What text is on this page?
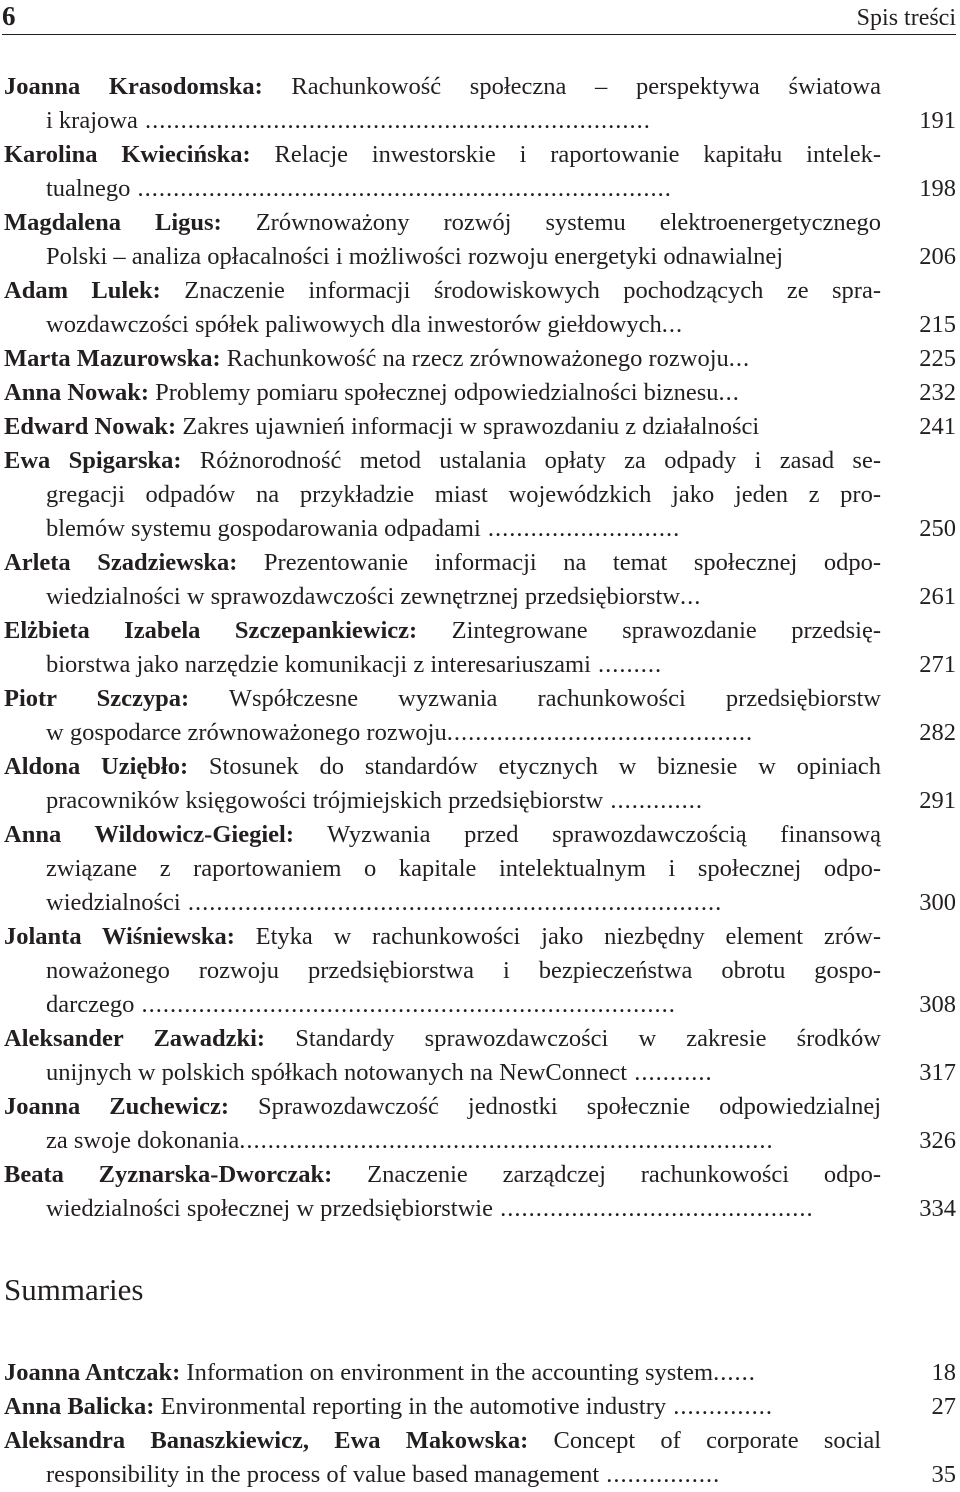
6	Spis treści
Joanna Krasodomska: Rachunkowość społeczna – perspektywa światowa
i krajowa .......................................................................	191
Karolina Kwiecińska: Relacje inwestorskie i raportowanie kapitału intelek-
tualnego ...........................................................................	198
Magdalena Ligus: Zrównoważony rozwój systemu elektroenergetycznego
Polski – analiza opłacalności i możliwości rozwoju energetyki odnawialnej	206
Adam Lulek: Znaczenie informacji środowiskowych pochodzących ze spra-
wozdawczości spółek paliwowych dla inwestorów giełdowych...	215
Marta Mazurowska: Rachunkowość na rzecz zrównoważonego rozwoju...	225
Anna Nowak: Problemy pomiaru społecznej odpowiedzialności biznesu...	232
Edward Nowak: Zakres ujawnień informacji w sprawozdaniu z działalności	241
Ewa Spigarska: Różnorodność metod ustalania opłaty za odpady i zasad se-
gregacji odpadów na przykładzie miast wojewódzkich jako jeden z pro-
blemów systemu gospodarowania odpadami ...........................	250
Arleta Szadziewska: Prezentowanie informacji na temat społecznej odpo-
wiedzialności w sprawozdawczości zewnętrznej przedsiębiorstw...	261
Elżbieta Izabela Szczepankiewicz: Zintegrowane sprawozdanie przedsię-
biorstwa jako narzędzie komunikacji z interesariuszami .........	271
Piotr Szczypa: Współczesne wyzwania rachunkowości przedsiębiorstw
w gospodarce zrównoważonego rozwoju...........................................	282
Aldona Uziębło: Stosunek do standardów etycznych w biznesie w opiniach
pracowników księgowości trójmiejskich przedsiębiorstw .............	291
Anna Wildowicz-Giegiel: Wyzwania przed sprawozdawczością finansową
związane z raportowaniem o kapitale intelektualnym i społecznej odpo-
wiedzialności ...........................................................................	300
Jolanta Wiśniewska: Etyka w rachunkowości jako niezbędny element zrów-
noważonego rozwoju przedsiębiorstwa i bezpieczeństwa obrotu gospo-
darczego ...........................................................................	308
Aleksander Zawadzki: Standardy sprawozdawczości w zakresie środków
unijnych w polskich spółkach notowanych na NewConnect ...........	317
Joanna Zuchewicz: Sprawozdawczość jednostki społecznie odpowiedzialnej
za swoje dokonania...........................................................................	326
Beata Zyznarska-Dworczak: Znaczenie zarządczej rachunkowości odpo-
wiedzialności społecznej w przedsiębiorstwie ............................................	334
Summaries
Joanna Antczak: Information on environment in the accounting system......	18
Anna Balicka: Environmental reporting in the automotive industry ..............	27
Aleksandra Banaszkiewicz, Ewa Makowska: Concept of corporate social
responsibility in the process of value based management ................	35
